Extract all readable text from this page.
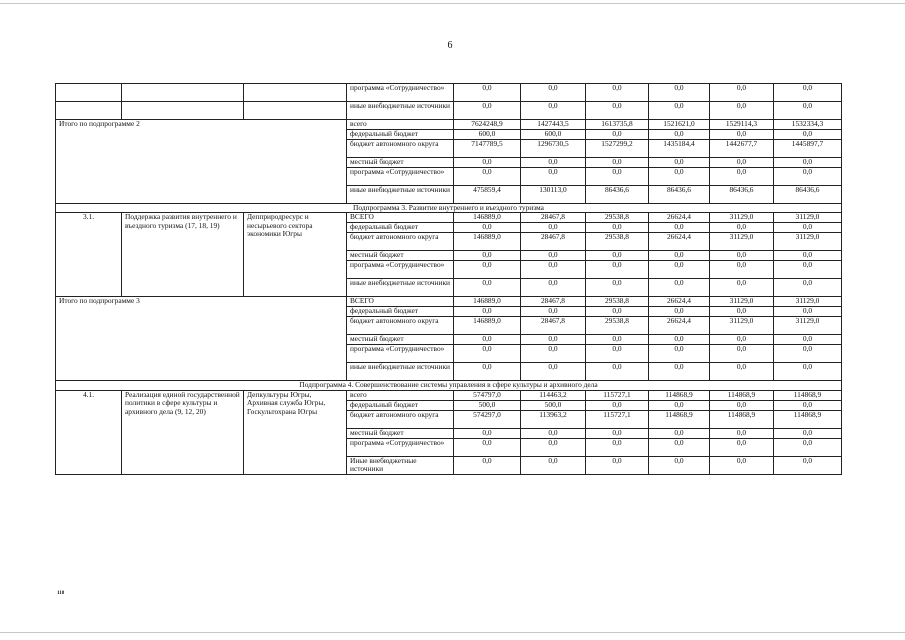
6
			программа «Сотрудничество»	0,0	0,0	0,0	0,0	0,0	0,0
			иные внебюджетные источники	0,0	0,0	0,0	0,0	0,0	0,0
Итого по подпрограмме 2			всего	7624248,9	1427443,5	1613735,8	1521621,0	1529114,3	1532334,3
			федеральный бюджет	600,0	600,0	0,0	0,0	0,0	0,0
			бюджет автономного округа	7147789,5	1296730,5	1527299,2	1435184,4	1442677,7	1445897,7
			местный бюджет	0,0	0,0	0,0	0,0	0,0	0,0
			программа «Сотрудничество»	0,0	0,0	0,0	0,0	0,0	0,0
			иные внебюджетные источники	475859,4	130113,0	86436,6	86436,6	86436,6	86436,6
Подпрограмма 3. Развитие внутреннего и въездного туризма									
3.1.	Поддержка развития внутреннего и въездного туризма (17, 18, 19)	Депприродресурс и несырьевого сектора экономики Югры	ВСЕГО	146889,0	28467,8	29538,8	26624,4	31129,0	31129,0
			федеральный бюджет	0,0	0,0	0,0	0,0	0,0	0,0
			бюджет автономного округа	146889,0	28467,8	29538,8	26624,4	31129,0	31129,0
			местный бюджет	0,0	0,0	0,0	0,0	0,0	0,0
			программа «Сотрудничество»	0,0	0,0	0,0	0,0	0,0	0,0
			иные внебюджетные источники	0,0	0,0	0,0	0,0	0,0	0,0
Итого по подпрограмме 3			ВСЕГО	146889,0	28467,8	29538,8	26624,4	31129,0	31129,0
			федеральный бюджет	0,0	0,0	0,0	0,0	0,0	0,0
			бюджет автономного округа	146889,0	28467,8	29538,8	26624,4	31129,0	31129,0
			местный бюджет	0,0	0,0	0,0	0,0	0,0	0,0
			программа «Сотрудничество»	0,0	0,0	0,0	0,0	0,0	0,0
			иные внебюджетные источники	0,0	0,0	0,0	0,0	0,0	0,0
Подпрограмма 4. Совершенствование системы управления в сфере культуры и архивного дела									
4.1.	Реализация единой государственной политики в сфере культуры и архивного дела (9, 12, 20)	Депкультуры Югры, Архивная служба Югры, Госкультохрана Югры	всего	574797,0	114463,2	115727,1	114868,9	114868,9	114868,9
			федеральный бюджет	500,0	500,0	0,0	0,0	0,0	0,0
			бюджет автономного округа	574297,0	113963,2	115727,1	114868,9	114868,9	114868,9
			местный бюджет	0,0	0,0	0,0	0,0	0,0	0,0
			программа «Сотрудничество»	0,0	0,0	0,0	0,0	0,0	0,0
			Иные внебюджетные источники	0,0	0,0	0,0	0,0	0,0	0,0
118
